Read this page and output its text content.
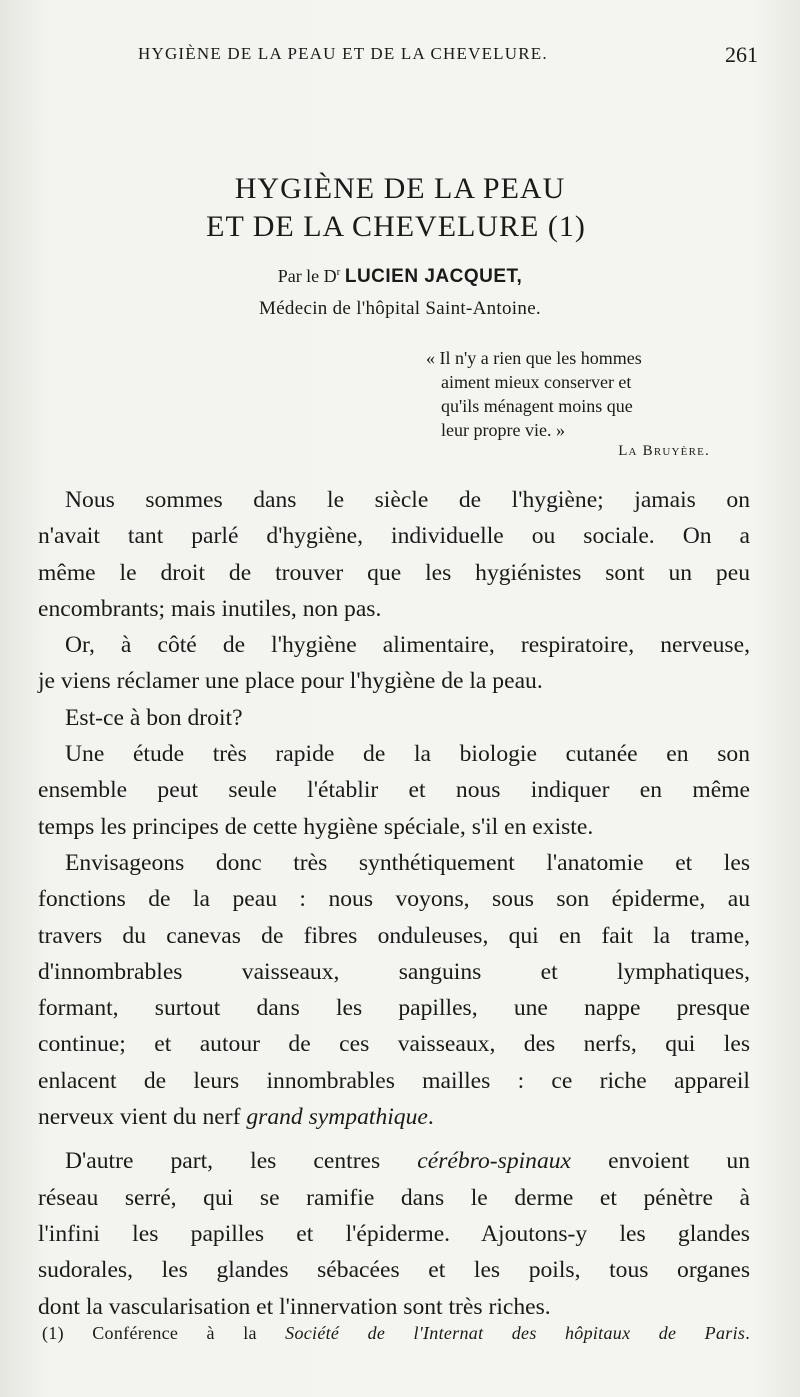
HYGIÈNE DE LA PEAU ET DE LA CHEVELURE.	261
HYGIÈNE DE LA PEAU
ET DE LA CHEVELURE (1)
Par le $D^r$ LUCIEN JACQUET,
Médecin de l'hôpital Saint-Antoine.
« Il n'y a rien que les hommes
aiment mieux conserver et
qu'ils ménagent moins que
leur propre vie. »
La Bruyère.
Nous sommes dans le siècle de l'hygiène; jamais on
n'avait tant parlé d'hygiène, individuelle ou sociale. On a
même le droit de trouver que les hygiénistes sont un peu
encombrants; mais inutiles, non pas.
Or, à côté de l'hygiène alimentaire, respiratoire, nerveuse,
je viens réclamer une place pour l'hygiène de la peau.
Est-ce à bon droit?
Une étude très rapide de la biologie cutanée en son
ensemble peut seule l'établir et nous indiquer en même
temps les principes de cette hygiène spéciale, s'il en existe.
Envisageons donc très synthétiquement l'anatomie et les
fonctions de la peau : nous voyons, sous son épiderme, au
travers du canevas de fibres onduleuses, qui en fait la trame,
d'innombrables vaisseaux, sanguins et lymphatiques,
formant, surtout dans les papilles, une nappe presque
continue; et autour de ces vaisseaux, des nerfs, qui les
enlacent de leurs innombrables mailles : ce riche appareil
nerveux vient du nerf grand sympathique.
D'autre part, les centres cérébro-spinaux envoient un
réseau serré, qui se ramifie dans le derme et pénètre à
l'infini les papilles et l'épiderme. Ajoutons-y les glandes
sudorales, les glandes sébacées et les poils, tous organes
dont la vascularisation et l'innervation sont très riches.
(1) Conférence à la Société de l'Internat des hôpitaux de Paris.
